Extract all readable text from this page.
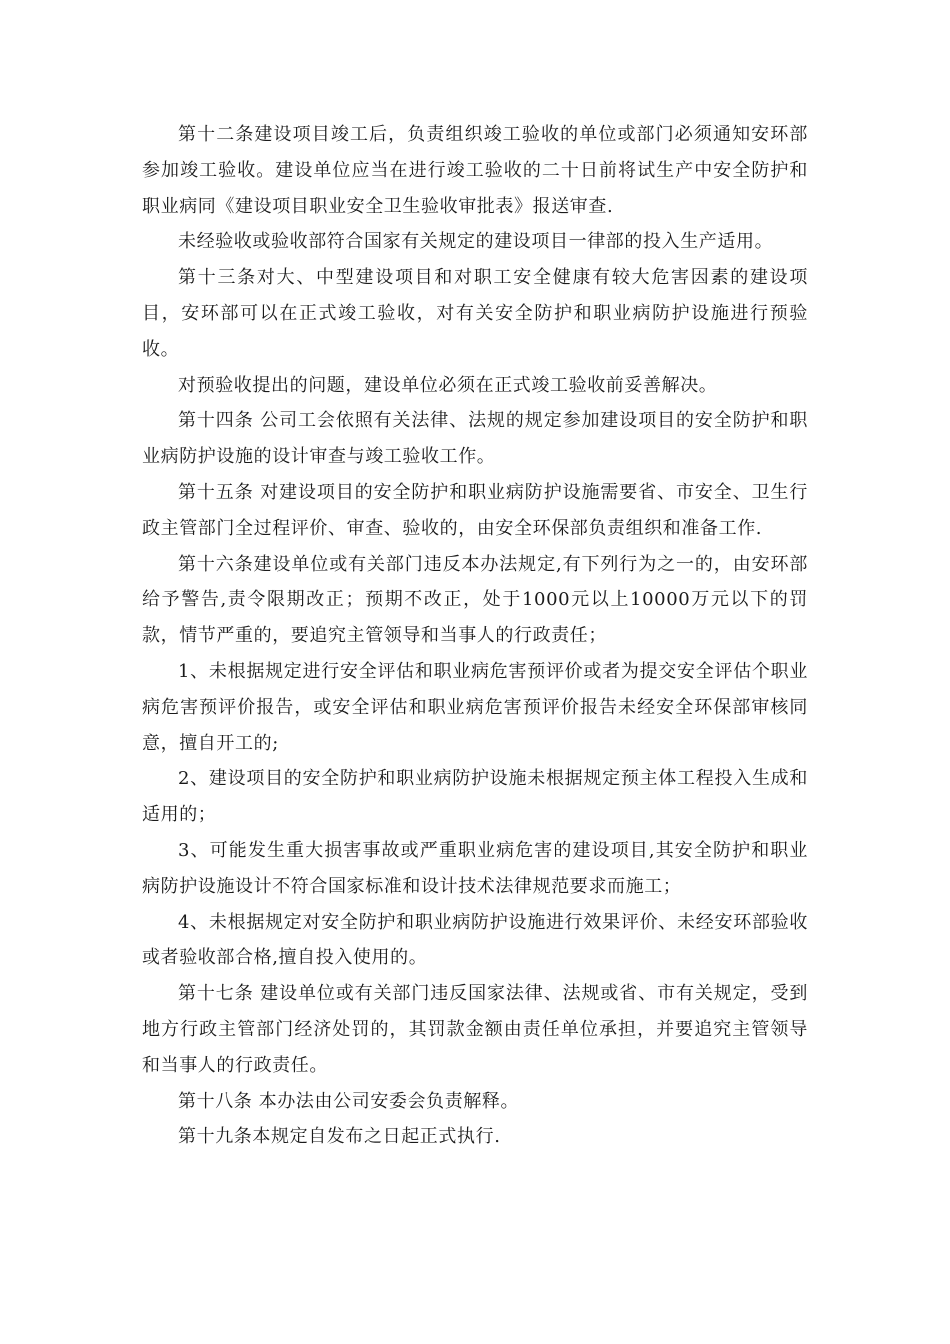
第十二条建设项目竣工后，负责组织竣工验收的单位或部门必须通知安环部参加竣工验收。建设单位应当在进行竣工验收的二十日前将试生产中安全防护和职业病同《建设项目职业安全卫生验收审批表》报送审查.

未经验收或验收部符合国家有关规定的建设项目一律部的投入生产适用。

第十三条对大、中型建设项目和对职工安全健康有较大危害因素的建设项目，安环部可以在正式竣工验收，对有关安全防护和职业病防护设施进行预验收。

对预验收提出的问题，建设单位必须在正式竣工验收前妥善解决。

第十四条 公司工会依照有关法律、法规的规定参加建设项目的安全防护和职业病防护设施的设计审查与竣工验收工作。

第十五条 对建设项目的安全防护和职业病防护设施需要省、市安全、卫生行政主管部门全过程评价、审查、验收的，由安全环保部负责组织和准备工作.

第十六条建设单位或有关部门违反本办法规定,有下列行为之一的，由安环部给予警告,责令限期改正；预期不改正，处于1000元以上10000万元以下的罚款，情节严重的，要追究主管领导和当事人的行政责任；

1、未根据规定进行安全评估和职业病危害预评价或者为提交安全评估个职业病危害预评价报告，或安全评估和职业病危害预评价报告未经安全环保部审核同意，擅自开工的;

2、建设项目的安全防护和职业病防护设施未根据规定预主体工程投入生成和适用的；

3、可能发生重大损害事故或严重职业病危害的建设项目,其安全防护和职业病防护设施设计不符合国家标准和设计技术法律规范要求而施工；

4、未根据规定对安全防护和职业病防护设施进行效果评价、未经安环部验收或者验收部合格,擅自投入使用的。

第十七条 建设单位或有关部门违反国家法律、法规或省、市有关规定，受到地方行政主管部门经济处罚的，其罚款金额由责任单位承担，并要追究主管领导和当事人的行政责任。

第十八条 本办法由公司安委会负责解释。

第十九条本规定自发布之日起正式执行.
